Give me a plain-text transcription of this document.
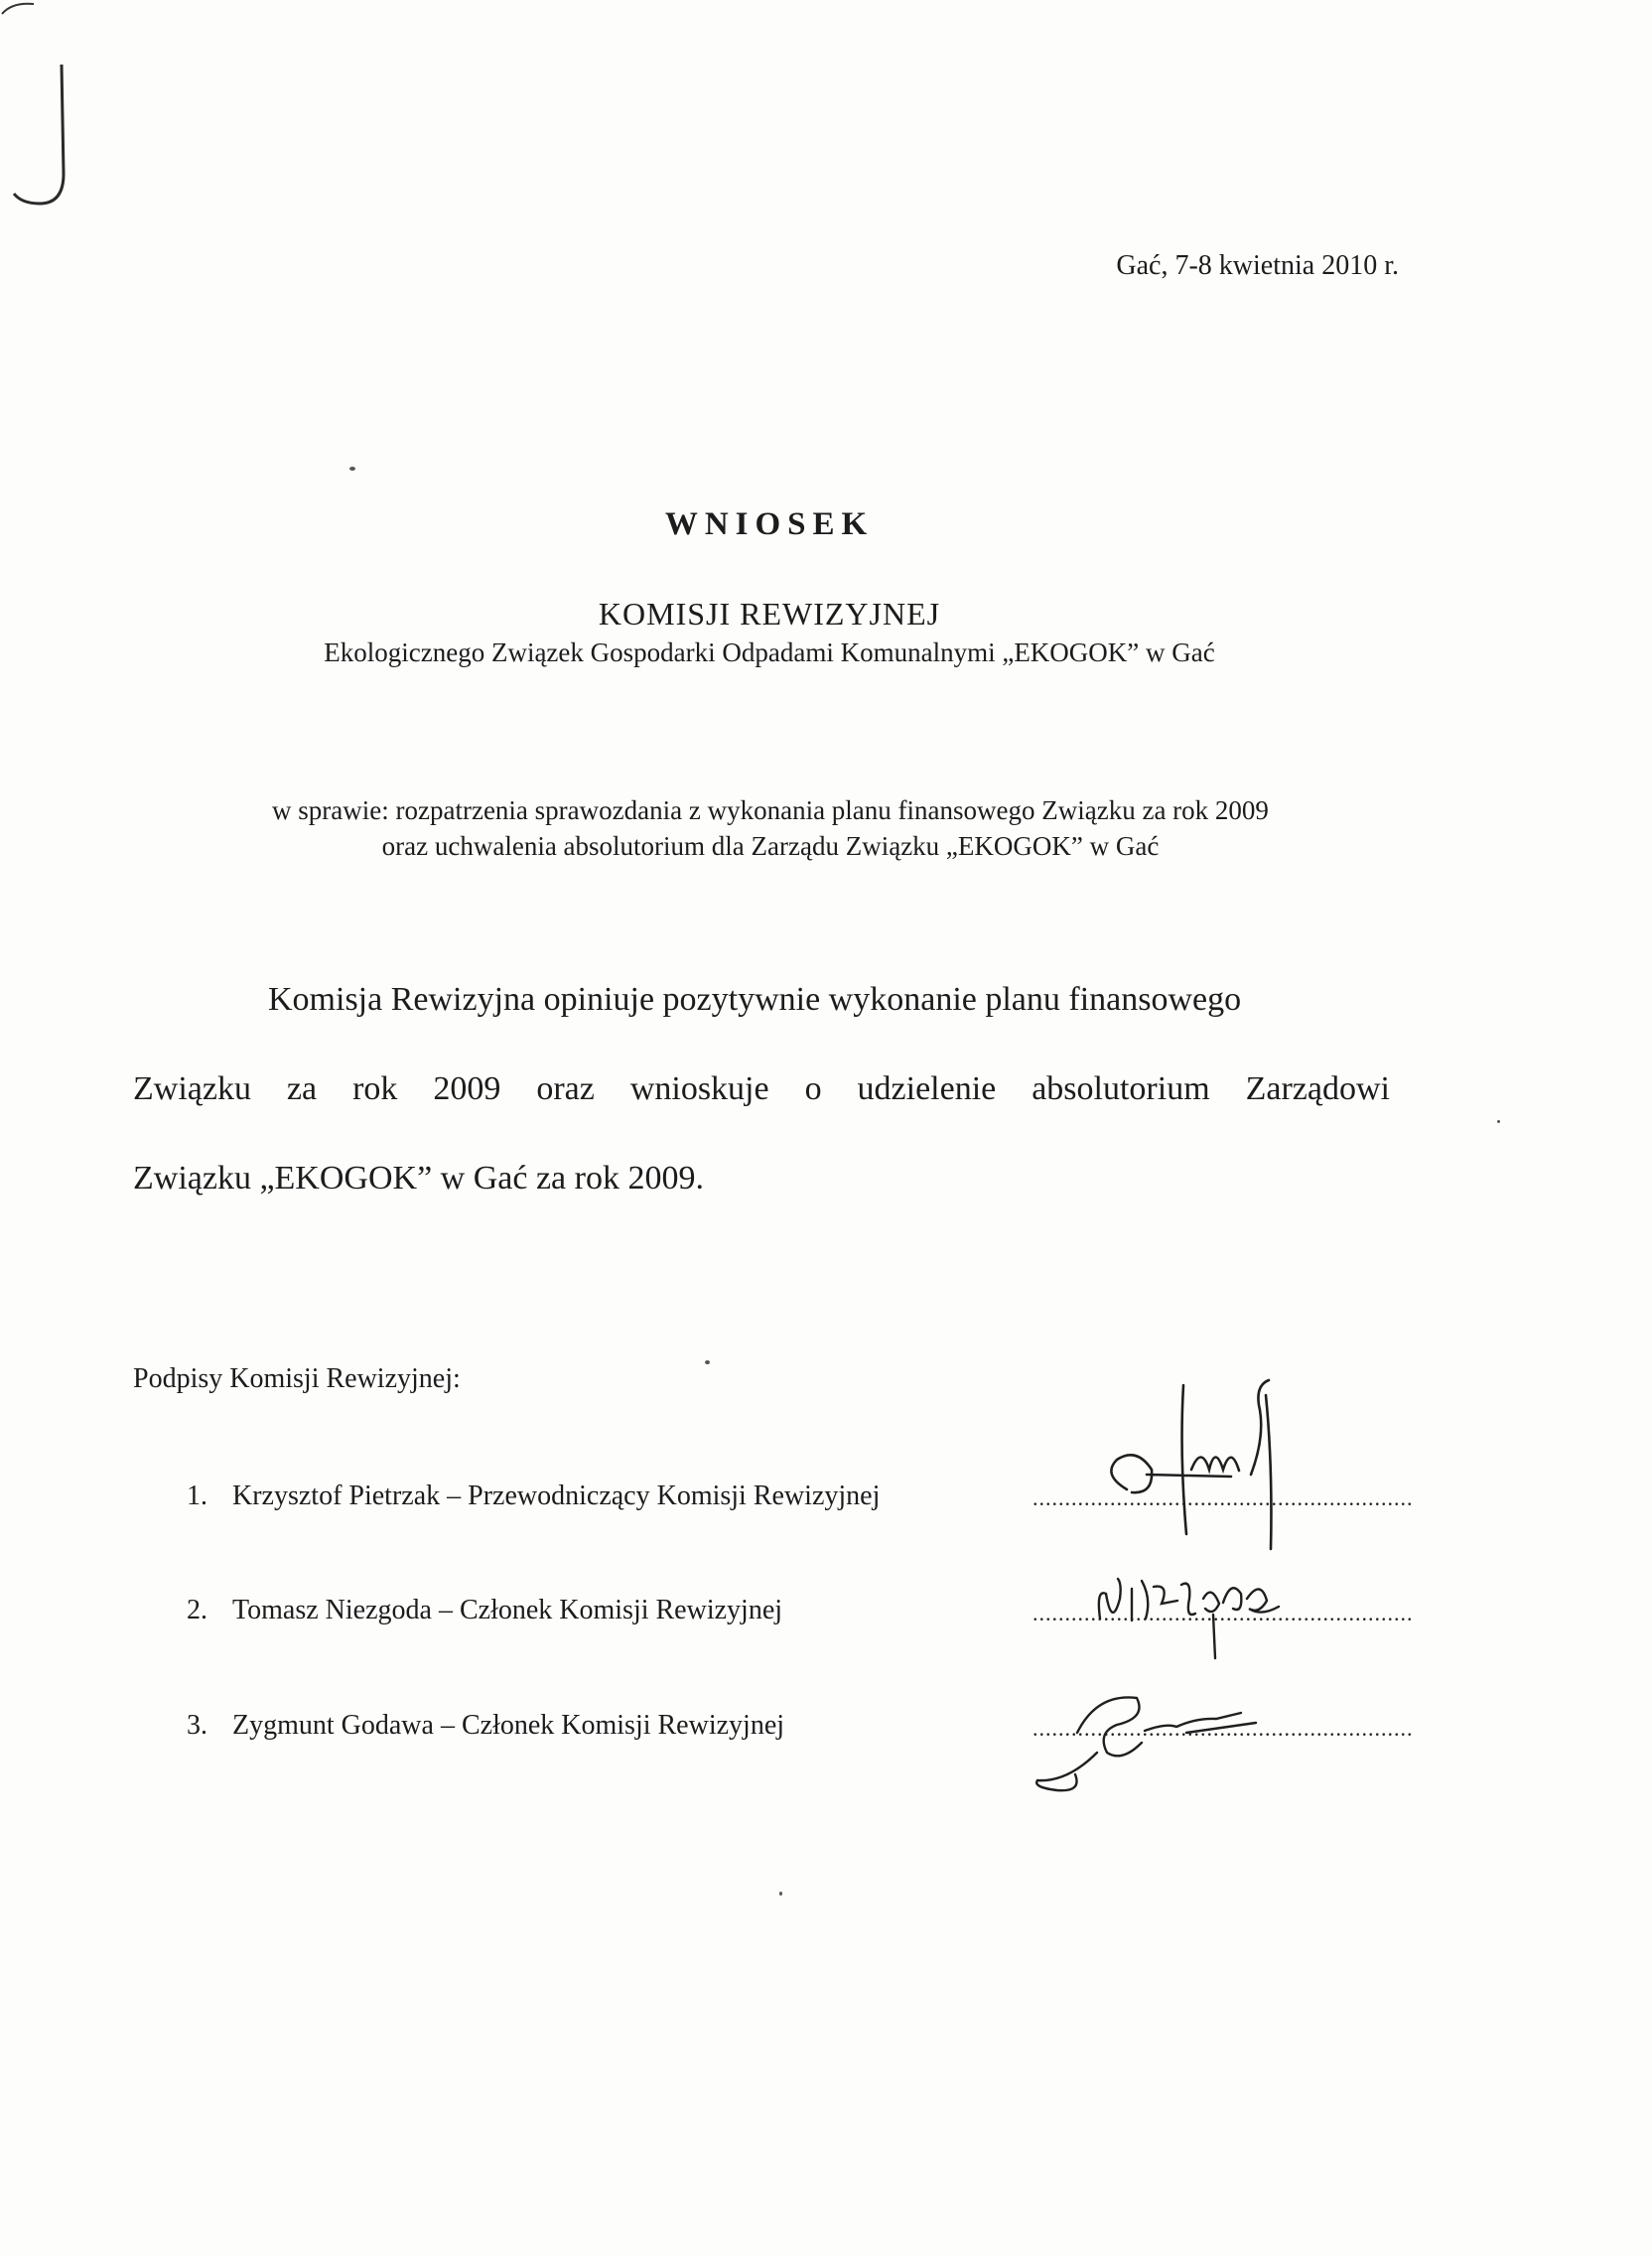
Gać, 7-8 kwietnia 2010 r.
WNIOSEK
KOMISJI REWIZYJNEJ
Ekologicznego Związek Gospodarki Odpadami Komunalnymi „EKOGOK” w Gać
w sprawie: rozpatrzenia sprawozdania z wykonania planu finansowego Związku za rok 2009
oraz uchwalenia absolutorium dla Zarządu Związku „EKOGOK” w Gać
Komisja Rewizyjna opiniuje pozytywnie wykonanie planu finansowego
Związku za rok 2009 oraz wnioskuje o udzielenie absolutorium Zarządowi
Związku „EKOGOK” w Gać za rok 2009.
Podpisy Komisji Rewizyjnej:
1. Krzysztof Pietrzak – Przewodniczący Komisji Rewizyjnej	...........................................................
2. Tomasz Niezgoda – Członek Komisji Rewizyjnej	...........................................................
3. Zygmunt Godawa – Członek Komisji Rewizyjnej	...........................................................
